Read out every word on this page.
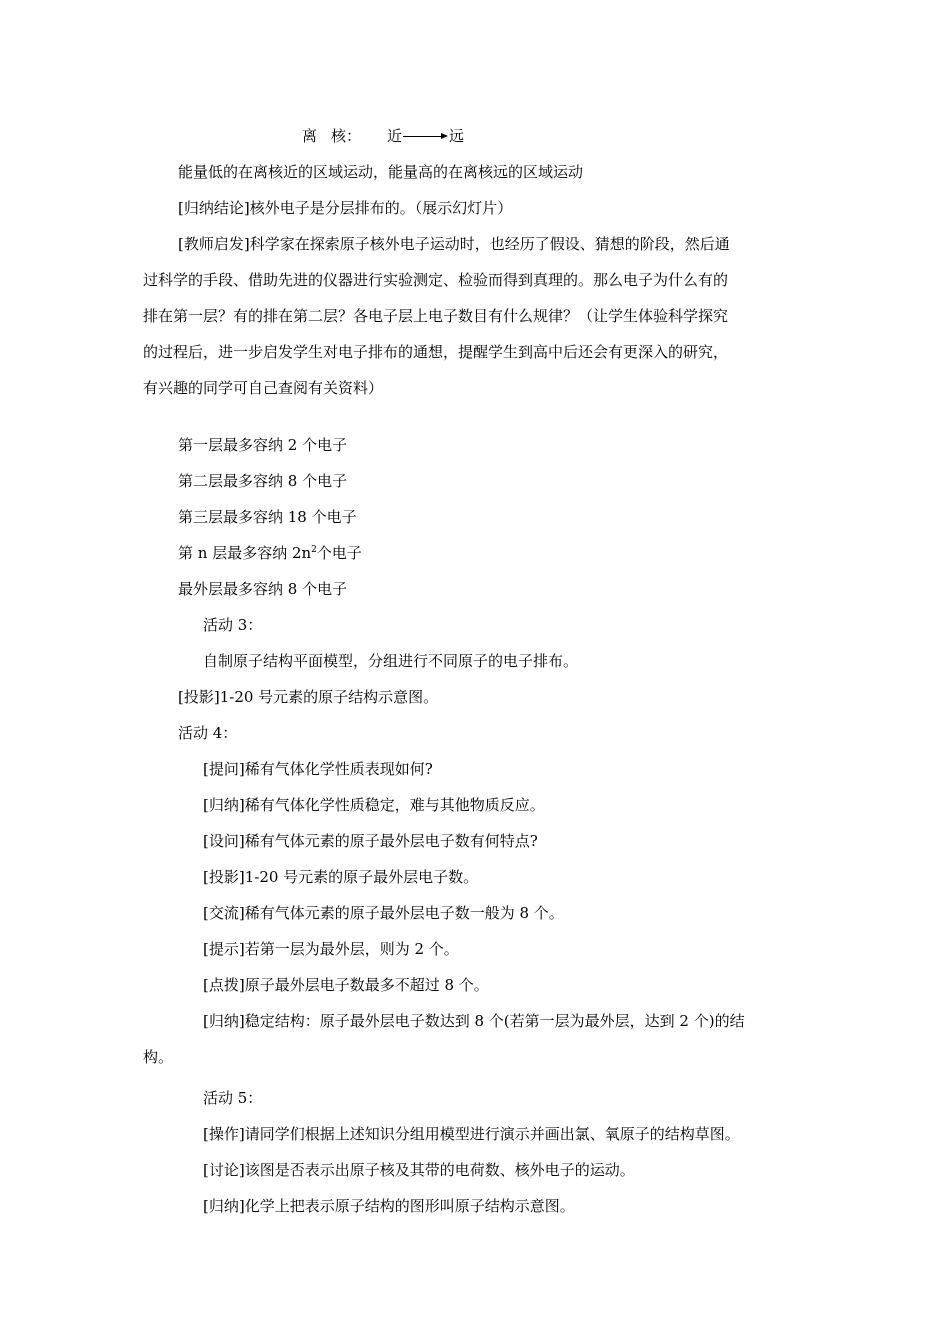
离 核： 近	远
能量低的在离核近的区域运动，能量高的在离核远的区域运动
[归纳结论]核外电子是分层排布的。（展示幻灯片）
[教师启发]科学家在探索原子核外电子运动时，也经历了假设、猜想的阶段，然后通
过科学的手段、借助先进的仪器进行实验测定、检验而得到真理的。那么电子为什么有的
排在第一层？有的排在第二层？各电子层上电子数目有什么规律？（让学生体验科学探究
的过程后，进一步启发学生对电子排布的通想，提醒学生到高中后还会有更深入的研究，
有兴趣的同学可自己查阅有关资料）
第一层最多容纳 2 个电子
第二层最多容纳 8 个电子
第三层最多容纳 18 个电子
第 n 层最多容纳 $2n^2$个电子
最外层最多容纳 8 个电子
活动 3：
自制原子结构平面模型，分组进行不同原子的电子排布。
[投影]1-20 号元素的原子结构示意图。
活动 4：
[提问]稀有气体化学性质表现如何?
[归纳]稀有气体化学性质稳定，难与其他物质反应。
[设问]稀有气体元素的原子最外层电子数有何特点?
[投影]1-20 号元素的原子最外层电子数。
[交流]稀有气体元素的原子最外层电子数一般为 8 个。
[提示]若第一层为最外层，则为 2 个。
[点拨]原子最外层电子数最多不超过 8 个。
[归纳]稳定结构：原子最外层电子数达到 8 个(若第一层为最外层，达到 2 个)的结
构。
活动 5：
[操作]请同学们根据上述知识分组用模型进行演示并画出氯、氧原子的结构草图。
[讨论]该图是否表示出原子核及其带的电荷数、核外电子的运动。
[归纳]化学上把表示原子结构的图形叫原子结构示意图。
